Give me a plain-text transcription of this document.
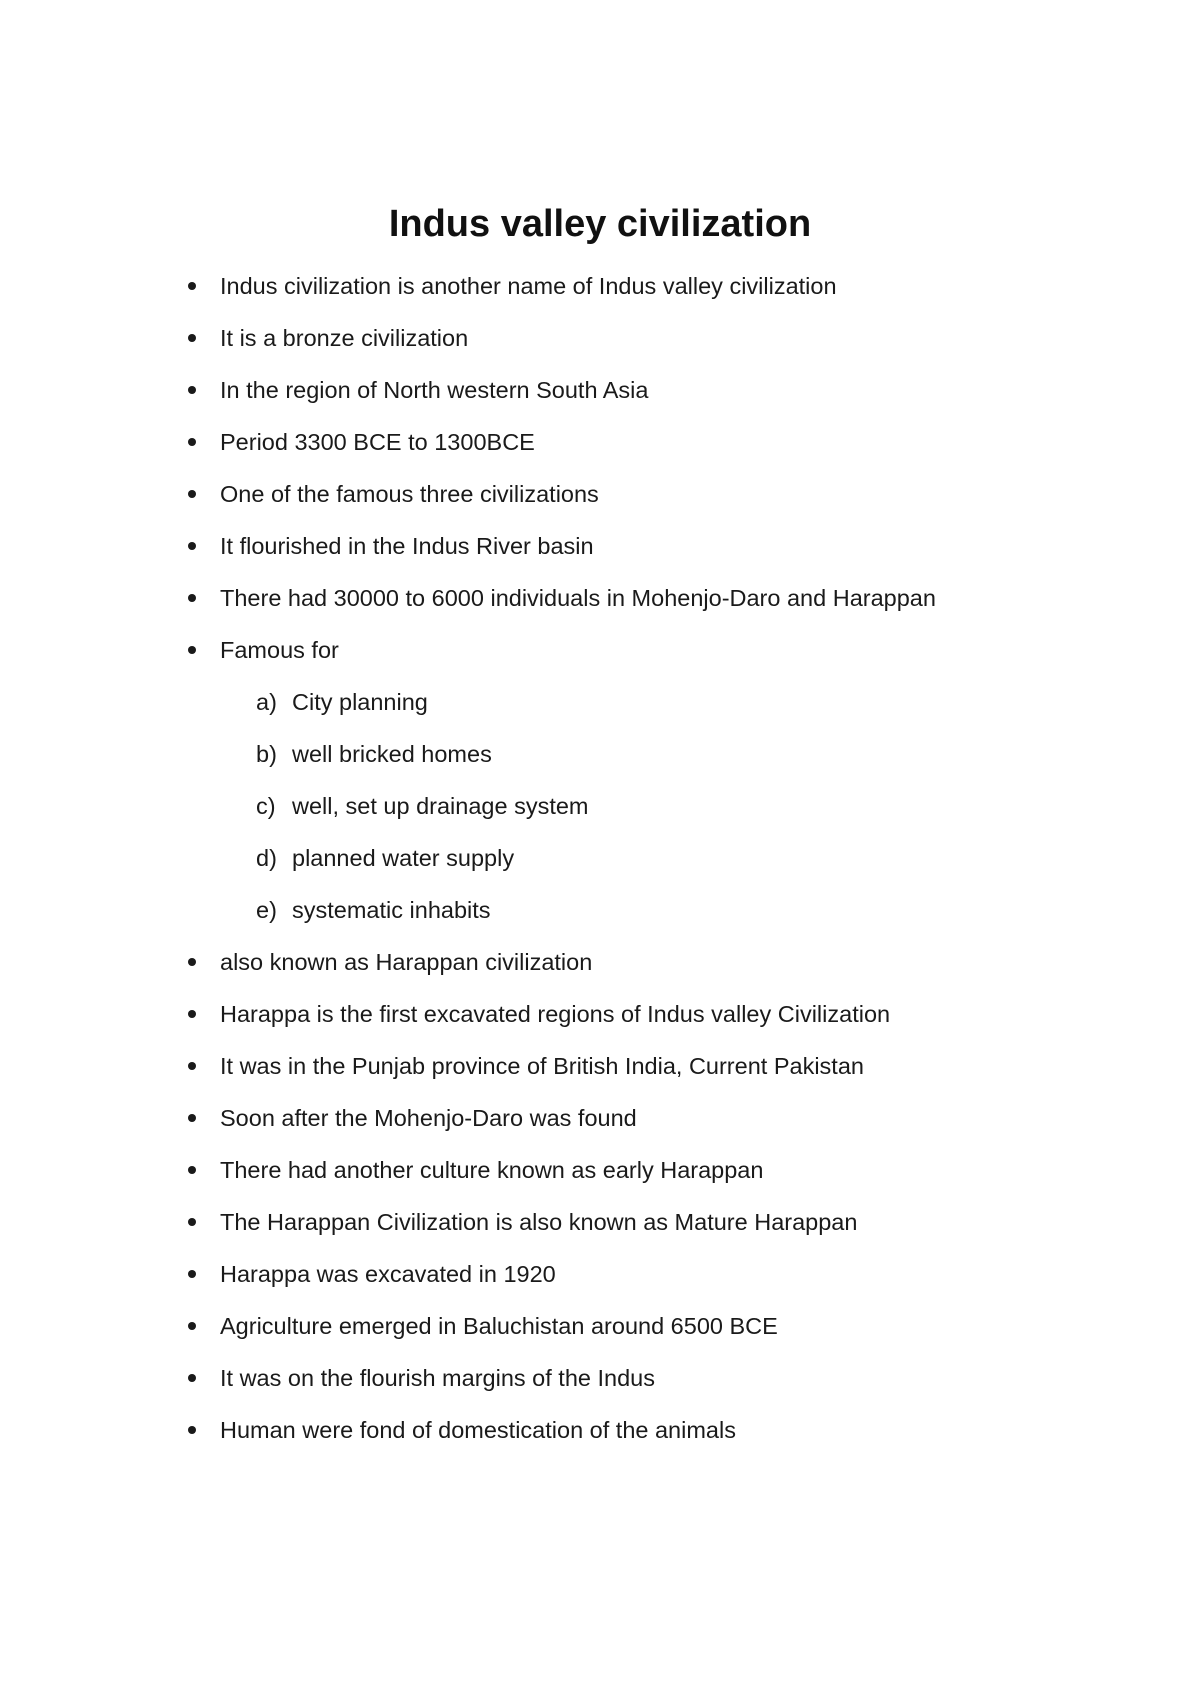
Indus valley civilization
Indus civilization is another name of Indus valley civilization
It is a bronze civilization
In the region of North western South Asia
Period 3300 BCE to 1300BCE
One of the famous three civilizations
It flourished in the Indus River basin
There had 30000 to 6000 individuals in Mohenjo-Daro and Harappan
Famous for
a) City planning
b) well bricked homes
c) well, set up drainage system
d) planned water supply
e) systematic inhabits
also known as Harappan civilization
Harappa is the first excavated regions of Indus valley Civilization
It was in the Punjab province of British India, Current Pakistan
Soon after the Mohenjo-Daro was found
There had another culture known as early Harappan
The Harappan Civilization is also known as Mature Harappan
Harappa was excavated in 1920
Agriculture emerged in Baluchistan around 6500 BCE
It was on the flourish margins of the Indus
Human were fond of domestication of the animals
